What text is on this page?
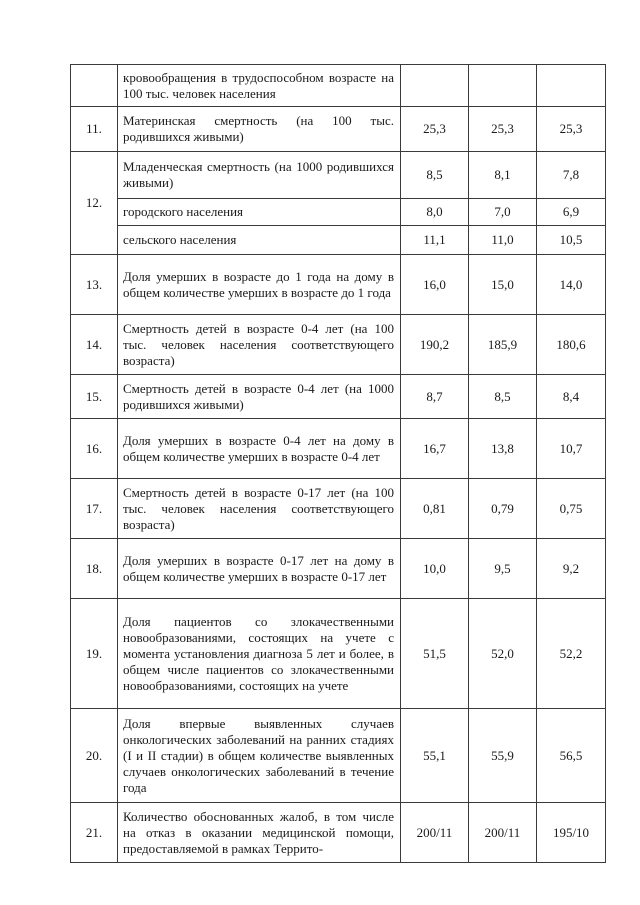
	кровообращения в трудоспособном возрасте на 100 тыс. человек населения			
11.	Материнская смертность (на 100 тыс. родившихся живыми)	25,3	25,3	25,3
12.	Младенческая смертность (на 1000 родившихся живыми)	8,5	8,1	7,8
	городского населения	8,0	7,0	6,9
	сельского населения	11,1	11,0	10,5
13.	Доля умерших в возрасте до 1 года на дому в общем количестве умерших в возрасте до 1 года	16,0	15,0	14,0
14.	Смертность детей в возрасте 0-4 лет (на 100 тыс. человек населения соответствующего возраста)	190,2	185,9	180,6
15.	Смертность детей в возрасте 0-4 лет (на 1000 родившихся живыми)	8,7	8,5	8,4
16.	Доля умерших в возрасте 0-4 лет на дому в общем количестве умерших в возрасте 0-4 лет	16,7	13,8	10,7
17.	Смертность детей в возрасте 0-17 лет (на 100 тыс. человек населения соответствующего возраста)	0,81	0,79	0,75
18.	Доля умерших в возрасте 0-17 лет на дому в общем количестве умерших в возрасте 0-17 лет	10,0	9,5	9,2
19.	Доля пациентов со злокачественными новообразованиями, состоящих на учете с момента установления диагноза 5 лет и более, в общем числе пациентов со злокачественными новообразованиями, состоящих на учете	51,5	52,0	52,2
20.	Доля впервые выявленных случаев онкологических заболеваний на ранних стадиях (I и II стадии) в общем количестве выявленных случаев онкологических заболеваний в течение года	55,1	55,9	56,5
21.	Количество обоснованных жалоб, в том числе на отказ в оказании медицинской помощи, предоставляемой в рамках Террито-	200/11	200/11	195/10
